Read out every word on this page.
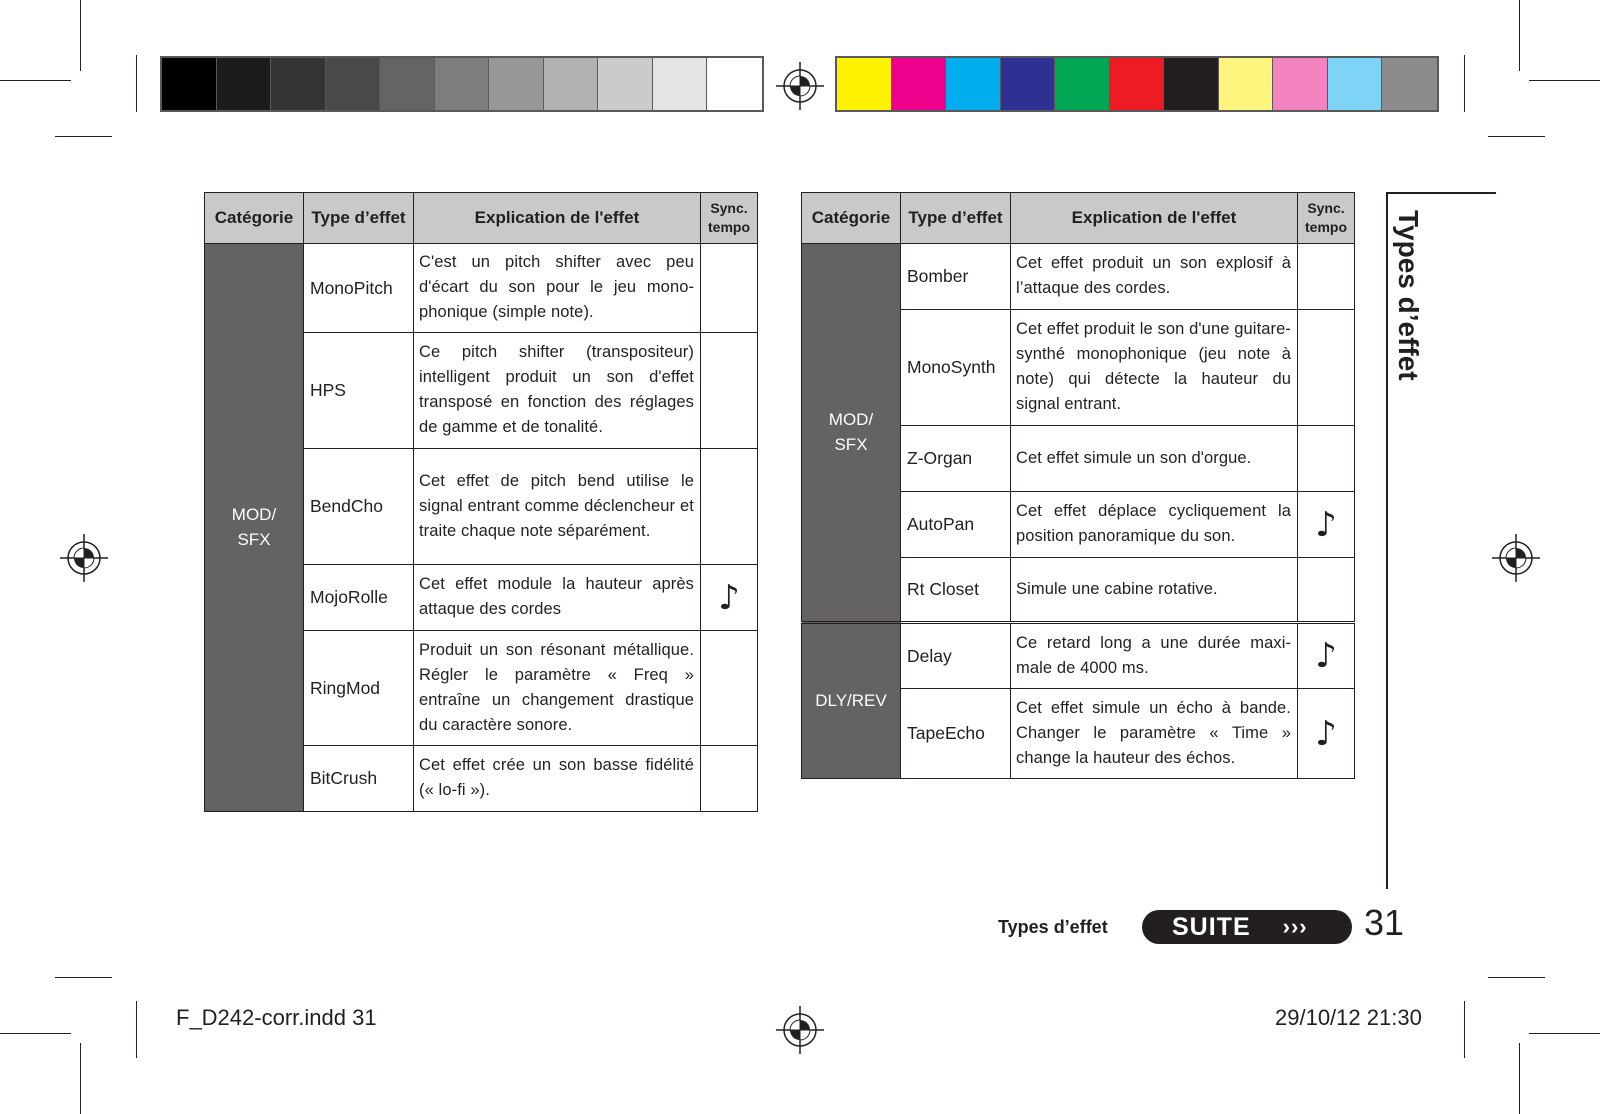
Catégorie	Type d’effet	Explication de l'effet	Sync.
tempo
MOD/
SFX	MonoPitch	C'est un pitch shifter avec peu d'écart du son pour le jeu monophonique (simple note).	
	HPS	Ce pitch shifter (transpositeur) intelligent produit un son d'effet transposé en fonction des réglages de gamme et de tonalité.	
	BendCho	Cet effet de pitch bend utilise le signal entrant comme déclencheur et traite chaque note séparément.	
	MojoRolle	Cet effet module la hauteur après attaque des cordes	♪
	RingMod	Produit un son résonant métallique. Régler le paramètre « Freq » entraîne un changement drastique du caractère sonore.	
	BitCrush	Cet effet crée un son basse fidélité (« lo-fi »).	
Catégorie	Type d’effet	Explication de l'effet	Sync.
tempo
MOD/
SFX	Bomber	Cet effet produit un son explosif à l’attaque des cordes.	
	MonoSynth	Cet effet produit le son d'une guitare-synthé monophonique (jeu note à note) qui détecte la hauteur du signal entrant.	
	Z-Organ	Cet effet simule un son d'orgue.	
	AutoPan	Cet effet déplace cycliquement la position panoramique du son.	♪
	Rt Closet	Simule une cabine rotative.	
DLY/REV	Delay	Ce retard long a une durée maximale de 4000 ms.	♪
	TapeEcho	Cet effet simule un écho à bande. Changer le paramètre « Time » change la hauteur des échos.	♪
Types d’effet
Types d’effet	SUITE ››› 31
F_D242-corr.indd 31	29/10/12 21:30
